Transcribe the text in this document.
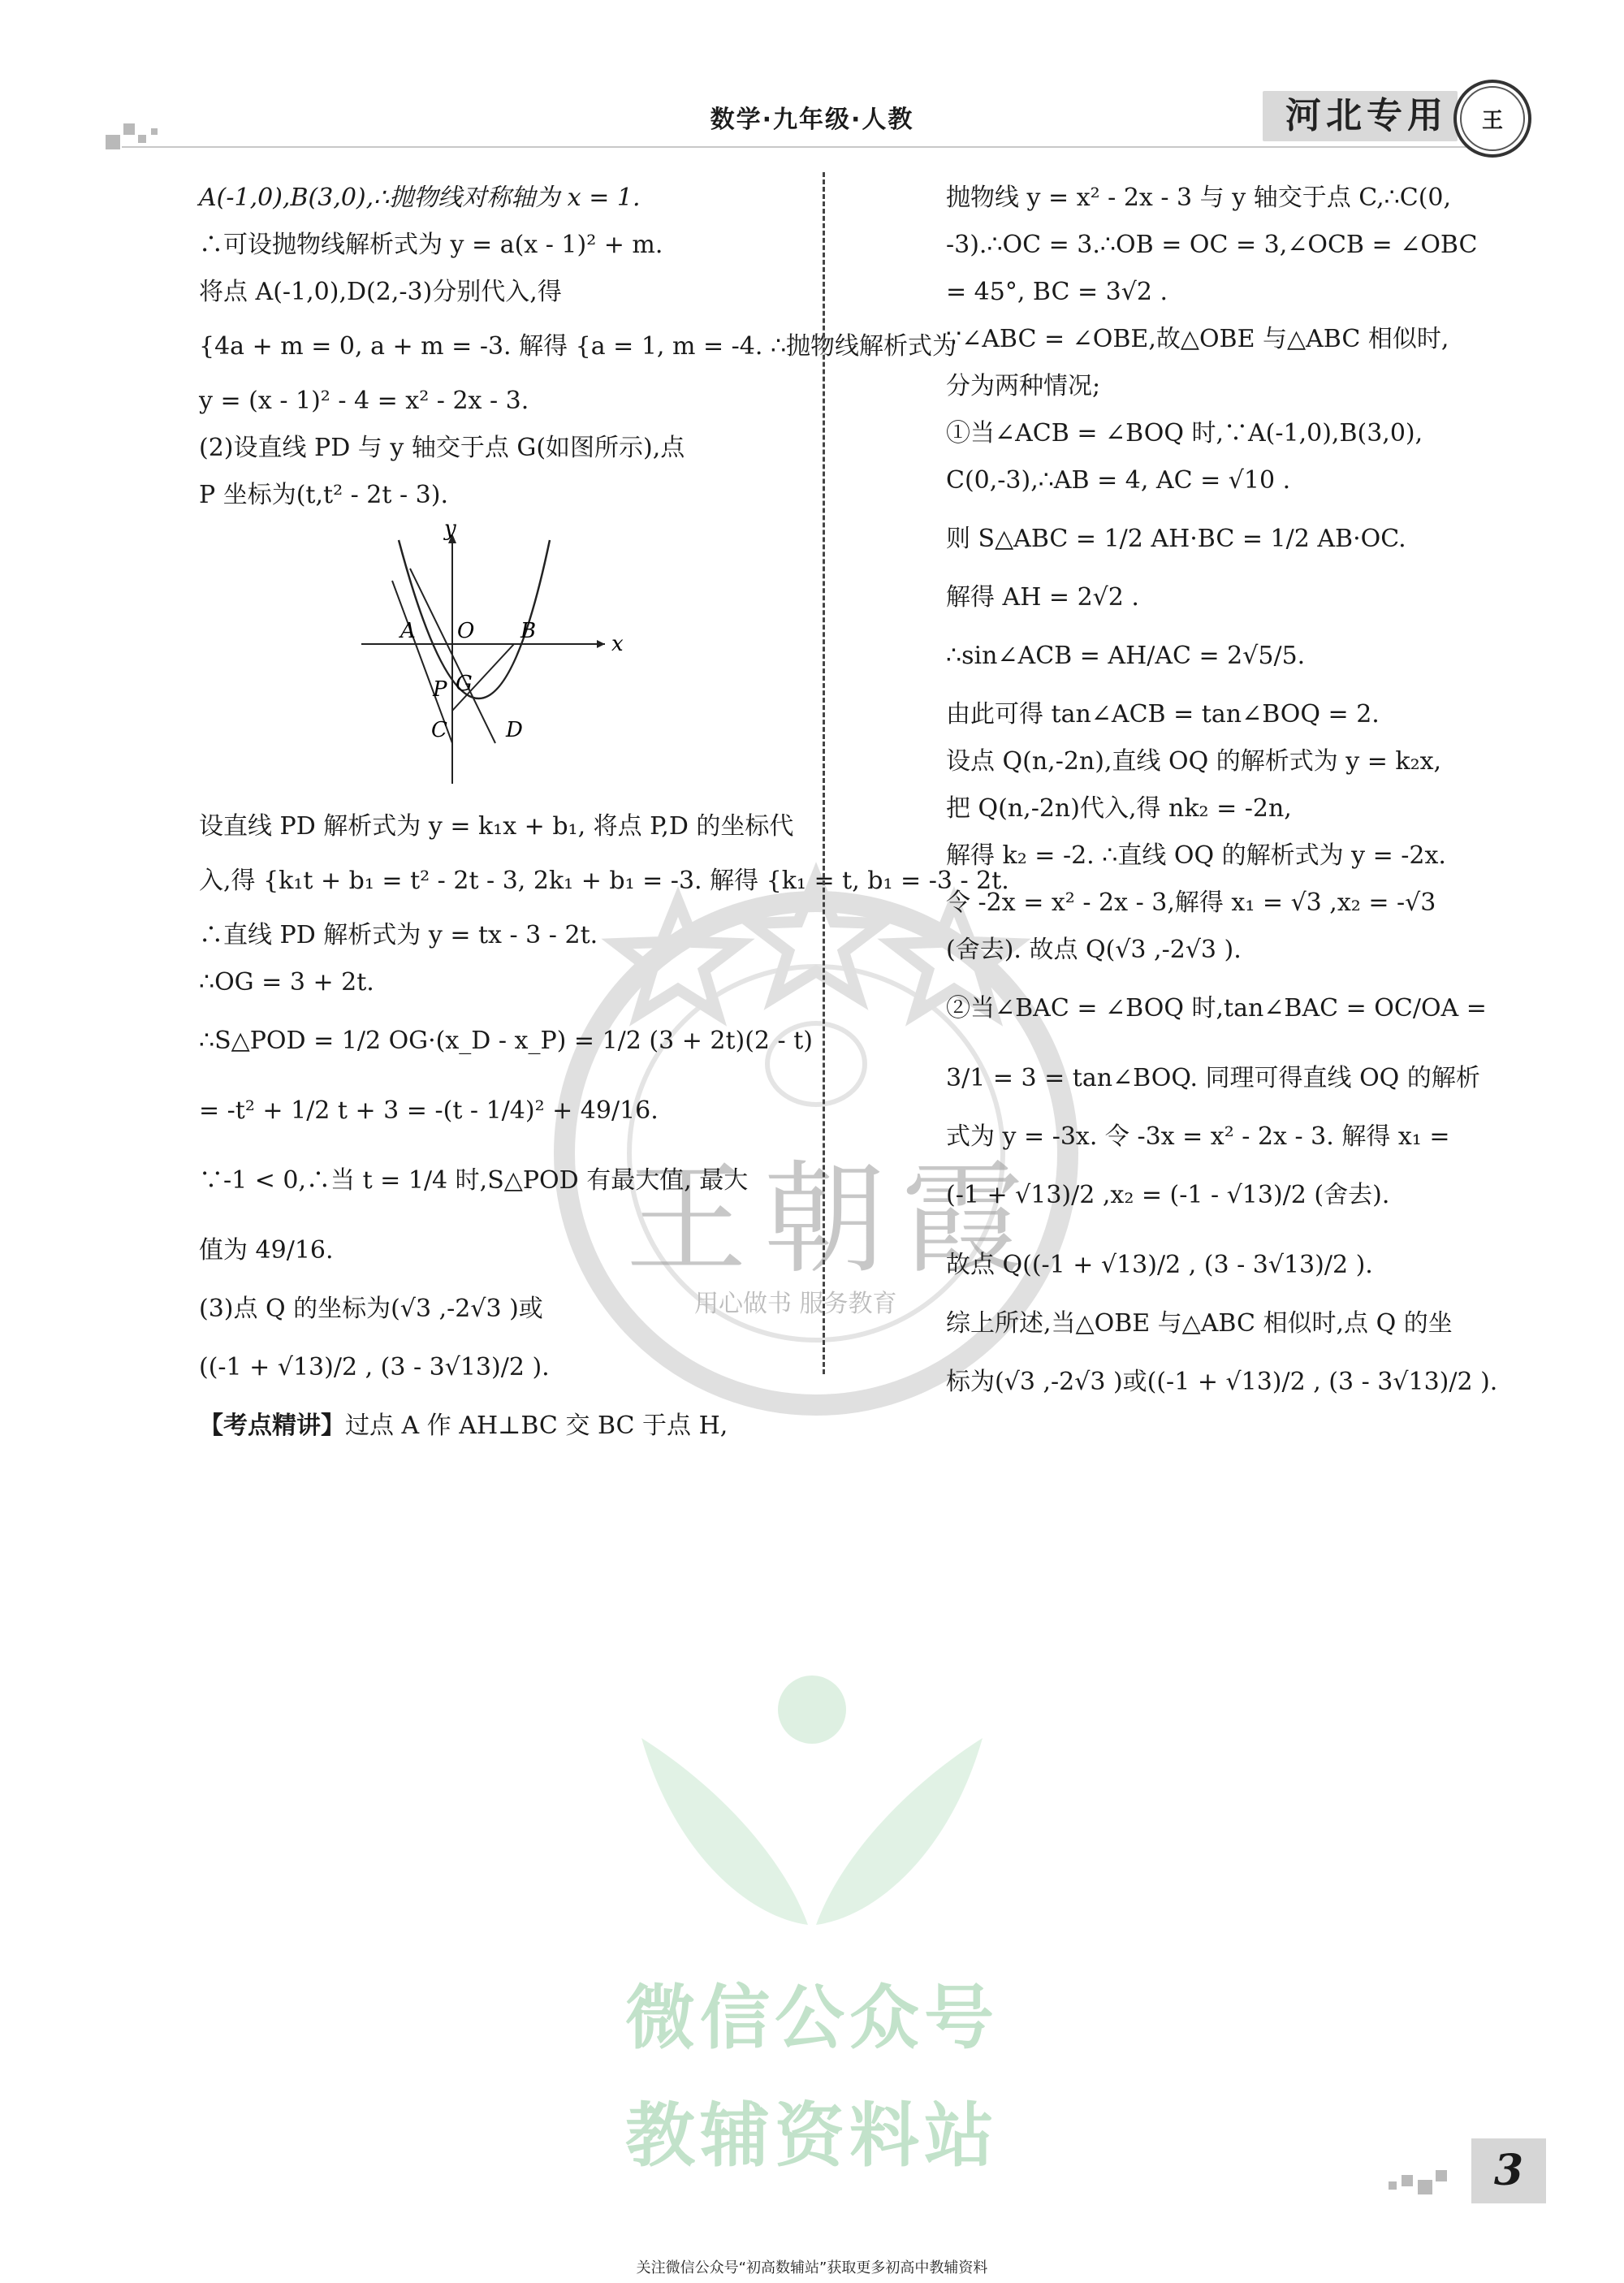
数学·九年级·人教	河北专用	王
王朝霞
用心做书 服务教育
A(-1,0),B(3,0),∴抛物线对称轴为 x = 1.
∴可设抛物线解析式为 y = a(x - 1)² + m.
将点 A(-1,0),D(2,-3)分别代入,得
{4a + m = 0, a + m = -3. 解得 {a = 1, m = -4. ∴抛物线解析式为
y = (x - 1)² - 4 = x² - 2x - 3.
(2)设直线 PD 与 y 轴交于点 G(如图所示),点
P 坐标为(t,t² - 2t - 3).
y
x
A O B
P G
C	D
设直线 PD 解析式为 y = k₁x + b₁, 将点 P,D 的坐标代
入,得 {k₁t + b₁ = t² - 2t - 3, 2k₁ + b₁ = -3. 解得 {k₁ = t, b₁ = -3 - 2t.
∴直线 PD 解析式为 y = tx - 3 - 2t.
∴OG = 3 + 2t.
∴S△POD = 1/2 OG·(x_D - x_P) = 1/2 (3 + 2t)(2 - t)
= -t² + 1/2 t + 3 = -(t - 1/4)² + 49/16.
∵-1 < 0,∴当 t = 1/4 时,S△POD 有最大值, 最大
值为 49/16.
(3)点 Q 的坐标为(√3 ,-2√3 )或
((-1 + √13)/2 , (3 - 3√13)/2 ).
【考点精讲】过点 A 作 AH⊥BC 交 BC 于点 H,
抛物线 y = x² - 2x - 3 与 y 轴交于点 C,∴C(0,
-3).∴OC = 3.∴OB = OC = 3,∠OCB = ∠OBC
= 45°, BC = 3√2 .
∵∠ABC = ∠OBE,故△OBE 与△ABC 相似时,
分为两种情况;
①当∠ACB = ∠BOQ 时,∵A(-1,0),B(3,0),
C(0,-3),∴AB = 4, AC = √10 .
则 S△ABC = 1/2 AH·BC = 1/2 AB·OC.
解得 AH = 2√2 .
∴sin∠ACB = AH/AC = 2√5/5.
由此可得 tan∠ACB = tan∠BOQ = 2.
设点 Q(n,-2n),直线 OQ 的解析式为 y = k₂x,
把 Q(n,-2n)代入,得 nk₂ = -2n,
解得 k₂ = -2. ∴直线 OQ 的解析式为 y = -2x.
令 -2x = x² - 2x - 3,解得 x₁ = √3 ,x₂ = -√3
(舍去). 故点 Q(√3 ,-2√3 ).
②当∠BAC = ∠BOQ 时,tan∠BAC = OC/OA =
3/1 = 3 = tan∠BOQ. 同理可得直线 OQ 的解析
式为 y = -3x. 令 -3x = x² - 2x - 3. 解得 x₁ =
(-1 + √13)/2 ,x₂ = (-1 - √13)/2 (舍去).
故点 Q((-1 + √13)/2 , (3 - 3√13)/2 ).
综上所述,当△OBE 与△ABC 相似时,点 Q 的坐
标为(√3 ,-2√3 )或((-1 + √13)/2 , (3 - 3√13)/2 ).
微信公众号
教辅资料站	3
关注微信公众号“初高数辅站”获取更多初高中教辅资料
